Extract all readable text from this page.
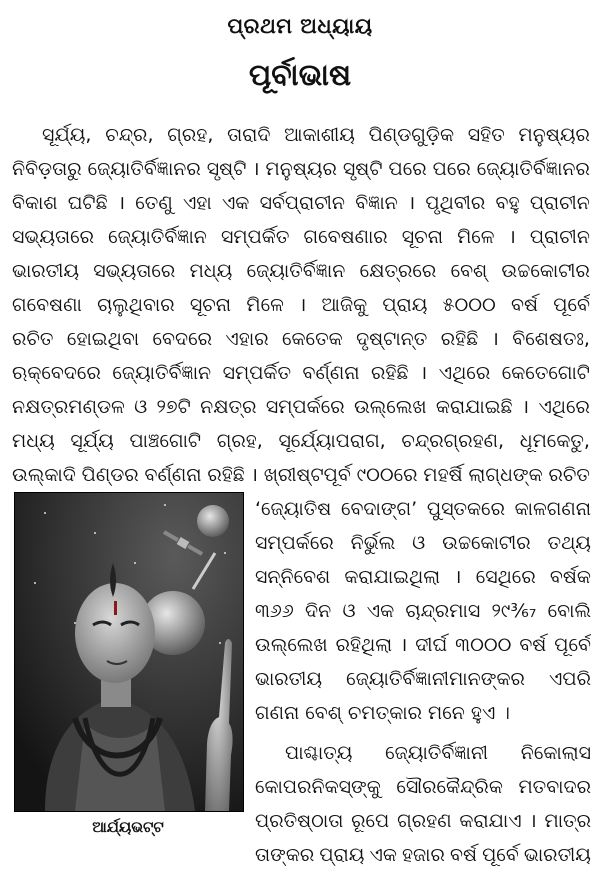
ପ୍ରଥମ ଅଧ୍ୟାୟ
ପୂର୍ବାଭାଷ
ସୂର୍ଯ୍ୟ, ଚନ୍ଦ୍ର, ଗ୍ରହ, ତାରାଦି ଆକାଶୀୟ ପିଣ୍ଡଗୁଡ଼ିକ ସହିତ ମନୁଷ୍ୟର
ନିବିଡ଼ତାରୁ ଜ୍ୟୋତିର୍ବିଜ୍ଞାନର ସୃଷ୍ଟି । ମନୁଷ୍ୟର ସୃଷ୍ଟି ପରେ ପରେ ଜ୍ୟୋତିର୍ବିଜ୍ଞାନର
ବିକାଶ ଘଟିଛି । ତେଣୁ ଏହା ଏକ ସର୍ବପ୍ରାଚୀନ ବିଜ୍ଞାନ । ପୃଥିବୀର ବହୁ ପ୍ରାଚୀନ
ସଭ୍ୟତାରେ ଜ୍ୟୋତିର୍ବିଜ୍ଞାନ ସମ୍ପର୍କିତ ଗବେଷଣାର ସୂଚନା ମିଳେ । ପ୍ରାଚୀନ
ଭାରତୀୟ ସଭ୍ୟତାରେ ମଧ୍ୟ ଜ୍ୟୋତିର୍ବିଜ୍ଞାନ କ୍ଷେତ୍ରରେ ବେଶ୍ ଉଚ୍ଚକୋଟୀର
ଗବେଷଣା ଚାଲୁଥିବାର ସୂଚନା ମିଳେ । ଆଜିକୁ ପ୍ରାୟ ୫୦୦୦ ବର୍ଷ ପୂର୍ବେ
ରଚିତ ହୋଇଥିବା ବେଦରେ ଏହାର କେତେକ ଦୃଷ୍ଟାନ୍ତ ରହିଛି । ବିଶେଷତଃ,
ଋକ୍‌ବେଦରେ ଜ୍ୟୋତିର୍ବିଜ୍ଞାନ ସମ୍ପର୍କିତ ବର୍ଣ୍ଣନା ରହିଛି । ଏଥିରେ କେତେଗୋଟି
ନକ୍ଷତ୍ରମଣ୍ଡଳ ଓ ୨୭ଟି ନକ୍ଷତ୍ର ସମ୍ପର୍କରେ ଉଲ୍ଲେଖ କରାଯାଇଛି । ଏଥିରେ
ମଧ୍ୟ ସୂର୍ଯ୍ୟ ପାଞ୍ଚଗୋଟି ଗ୍ରହ, ସୂର୍ଯ୍ୟୋପରାଗ, ଚନ୍ଦ୍ରଗ୍ରହଣ, ଧୂମକେତୁ,
ଉଲ୍‌କାଦି ପିଣ୍ଡର ବର୍ଣ୍ଣନା ରହିଛି । ଖ୍ରୀଷ୍ଟପୂର୍ବ ୯୦୦ରେ ମହର୍ଷି ଲାଗ୍‌ଧଙ୍କ ରଚିତ
‘ଜ୍ୟୋତିଷ ବେଦାଙ୍ଗ’ ପୁସ୍ତକରେ କାଳଗଣନା
ସମ୍ପର୍କରେ ନିର୍ଭୁଲ ଓ ଉଚ୍ଚକୋଟୀର ତଥ୍ୟ
ସନ୍ନିବେଶ କରାଯାଇଥିଲା । ସେଥିରେ ବର୍ଷକ
୩୬୬ ଦିନ ଓ ଏକ ଚାନ୍ଦ୍ରମାସ ୨୯³⁄₆₇ ବୋଲି
ଉଲ୍ଲେଖ ରହିଥିଲା । ଦୀର୍ଘ ୩୦୦୦ ବର୍ଷ ପୂର୍ବେ
ଭାରତୀୟ ଜ୍ୟୋତିର୍ବିଜ୍ଞାନୀମାନଙ୍କର ଏପରି
ଗଣନା ବେଶ୍ ଚମତ୍କାର ମନେ ହୁଏ ।
ପାଶ୍ଚାତ୍ୟ ଜ୍ୟୋତିର୍ବିଜ୍ଞାନୀ ନିକୋଲାସ
କୋପରନିକସ୍‌ଙ୍କୁ ସୌରକୈନ୍ଦ୍ରିକ ମତବାଦର
ପ୍ରତିଷ୍ଠାତା ରୂପେ ଗ୍ରହଣ କରାଯାଏ । ମାତ୍ର
ତାଙ୍କର ପ୍ରାୟ ଏକ ହଜାର ବର୍ଷ ପୂର୍ବେ ଭାରତୀୟ
ଆର୍ଯ୍ୟଭଟ୍ଟ
